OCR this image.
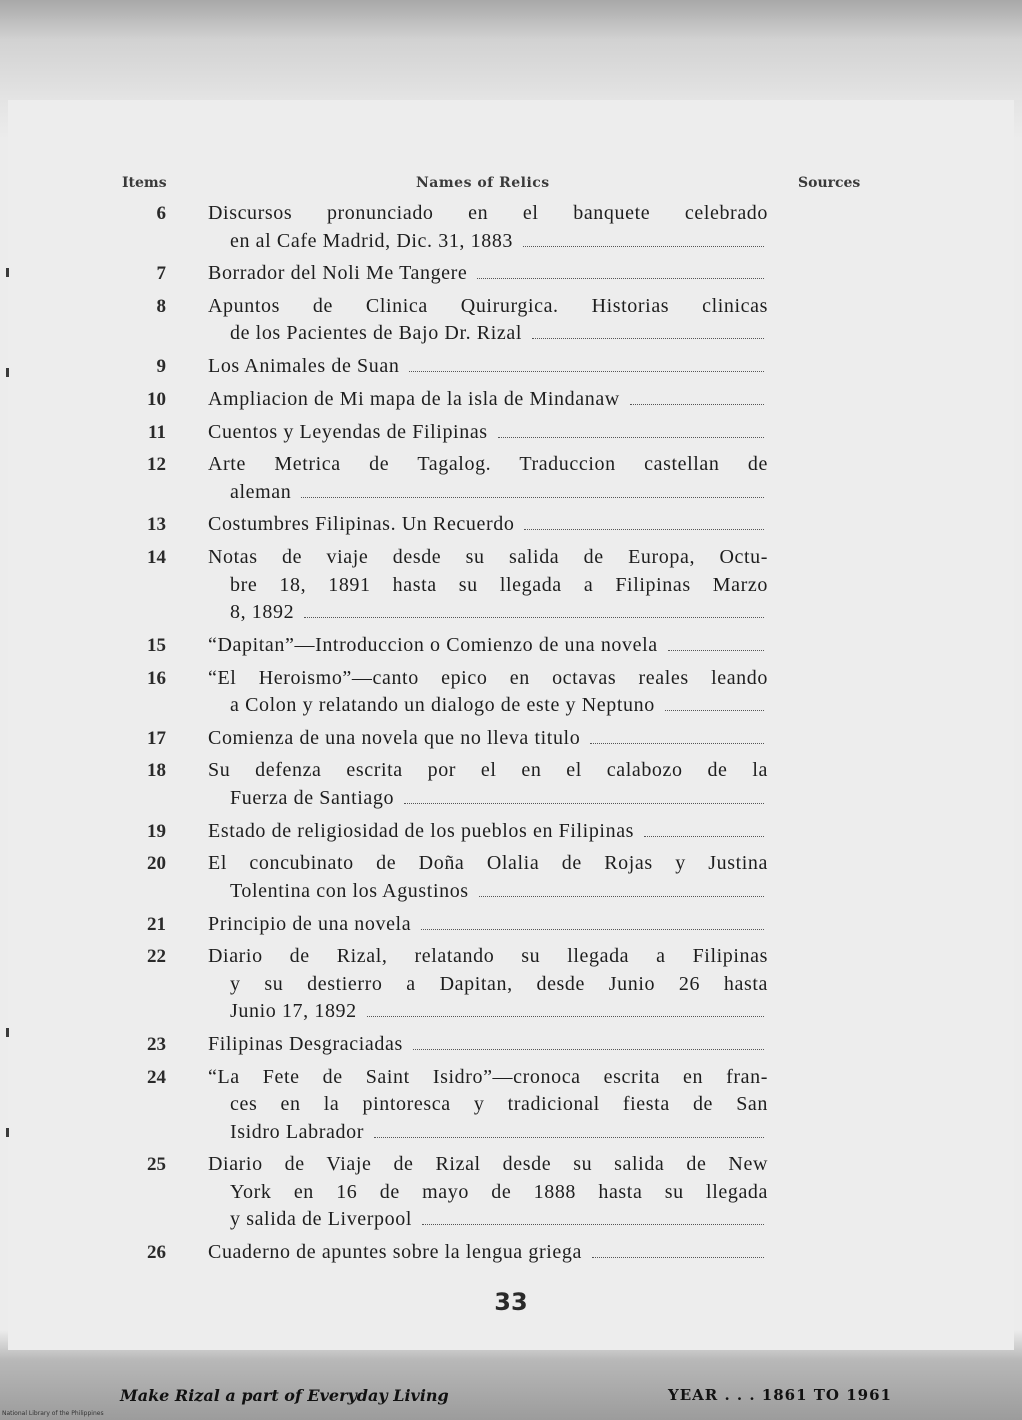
Items	Names of Relics	Sources
6 Discursos pronunciado en el banquete celebrado
en al Cafe Madrid, Dic. 31, 1883
7 Borrador del Noli Me Tangere
8 Apuntos de Clinica Quirurgica. Historias clinicas
de los Pacientes de Bajo Dr. Rizal
9 Los Animales de Suan
10 Ampliacion de Mi mapa de la isla de Mindanaw
11 Cuentos y Leyendas de Filipinas
12 Arte Metrica de Tagalog. Traduccion castellan de
aleman
13 Costumbres Filipinas. Un Recuerdo
14 Notas de viaje desde su salida de Europa, Octu-
bre 18, 1891 hasta su llegada a Filipinas Marzo
8, 1892
15 “Dapitan”—Introduccion o Comienzo de una novela
16 “El Heroismo”—canto epico en octavas reales leando
a Colon y relatando un dialogo de este y Neptuno
17 Comienza de una novela que no lleva titulo
18 Su defenza escrita por el en el calabozo de la
Fuerza de Santiago
19 Estado de religiosidad de los pueblos en Filipinas
20 El concubinato de Doña Olalia de Rojas y Justina
Tolentina con los Agustinos
21 Principio de una novela
22 Diario de Rizal, relatando su llegada a Filipinas
y su destierro a Dapitan, desde Junio 26 hasta
Junio 17, 1892
23 Filipinas Desgraciadas
24 “La Fete de Saint Isidro”—cronoca escrita en fran-
ces en la pintoresca y tradicional fiesta de San
Isidro Labrador
25 Diario de Viaje de Rizal desde su salida de New
York en 16 de mayo de 1888 hasta su llegada
y salida de Liverpool
26 Cuaderno de apuntes sobre la lengua griega
33
Make Rizal a part of Everyday Living	YEAR . . . 1861 TO 1961
National Library of the Philippines
